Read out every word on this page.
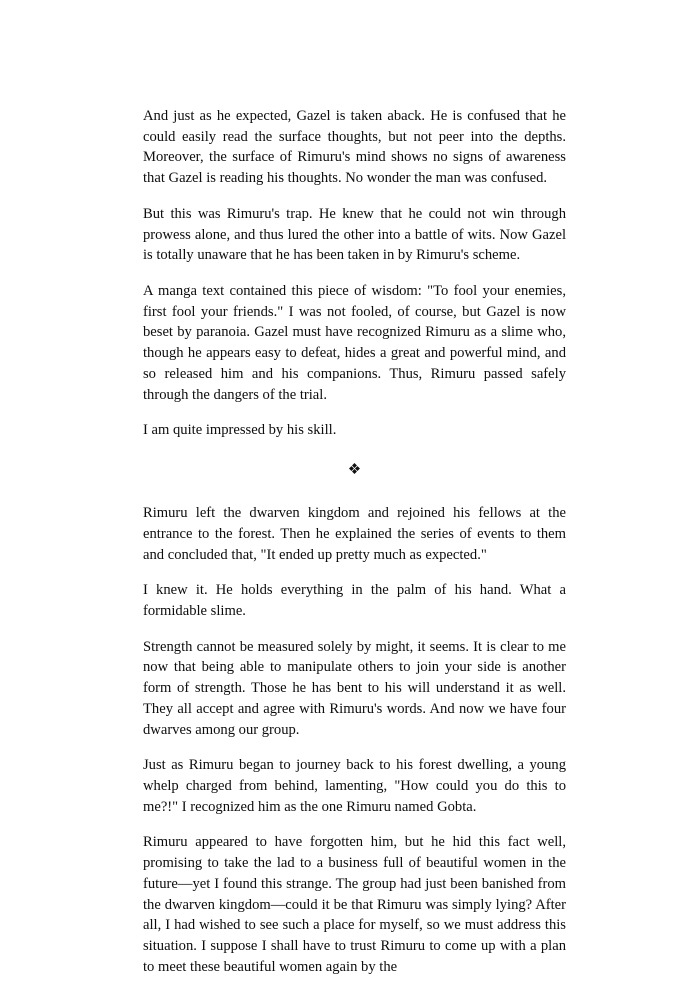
And just as he expected, Gazel is taken aback. He is confused that he could easily read the surface thoughts, but not peer into the depths. Moreover, the surface of Rimuru's mind shows no signs of awareness that Gazel is reading his thoughts. No wonder the man was confused.

But this was Rimuru's trap. He knew that he could not win through prowess alone, and thus lured the other into a battle of wits. Now Gazel is totally unaware that he has been taken in by Rimuru's scheme.

A manga text contained this piece of wisdom: "To fool your enemies, first fool your friends." I was not fooled, of course, but Gazel is now beset by paranoia. Gazel must have recognized Rimuru as a slime who, though he appears easy to defeat, hides a great and powerful mind, and so released him and his companions. Thus, Rimuru passed safely through the dangers of the trial.

I am quite impressed by his skill.

❖

Rimuru left the dwarven kingdom and rejoined his fellows at the entrance to the forest. Then he explained the series of events to them and concluded that, "It ended up pretty much as expected."

I knew it. He holds everything in the palm of his hand. What a formidable slime.

Strength cannot be measured solely by might, it seems. It is clear to me now that being able to manipulate others to join your side is another form of strength. Those he has bent to his will understand it as well. They all accept and agree with Rimuru's words. And now we have four dwarves among our group.

Just as Rimuru began to journey back to his forest dwelling, a young whelp charged from behind, lamenting, "How could you do this to me?!" I recognized him as the one Rimuru named Gobta.

Rimuru appeared to have forgotten him, but he hid this fact well, promising to take the lad to a business full of beautiful women in the future—yet I found this strange. The group had just been banished from the dwarven kingdom—could it be that Rimuru was simply lying? After all, I had wished to see such a place for myself, so we must address this situation. I suppose I shall have to trust Rimuru to come up with a plan to meet these beautiful women again by the
